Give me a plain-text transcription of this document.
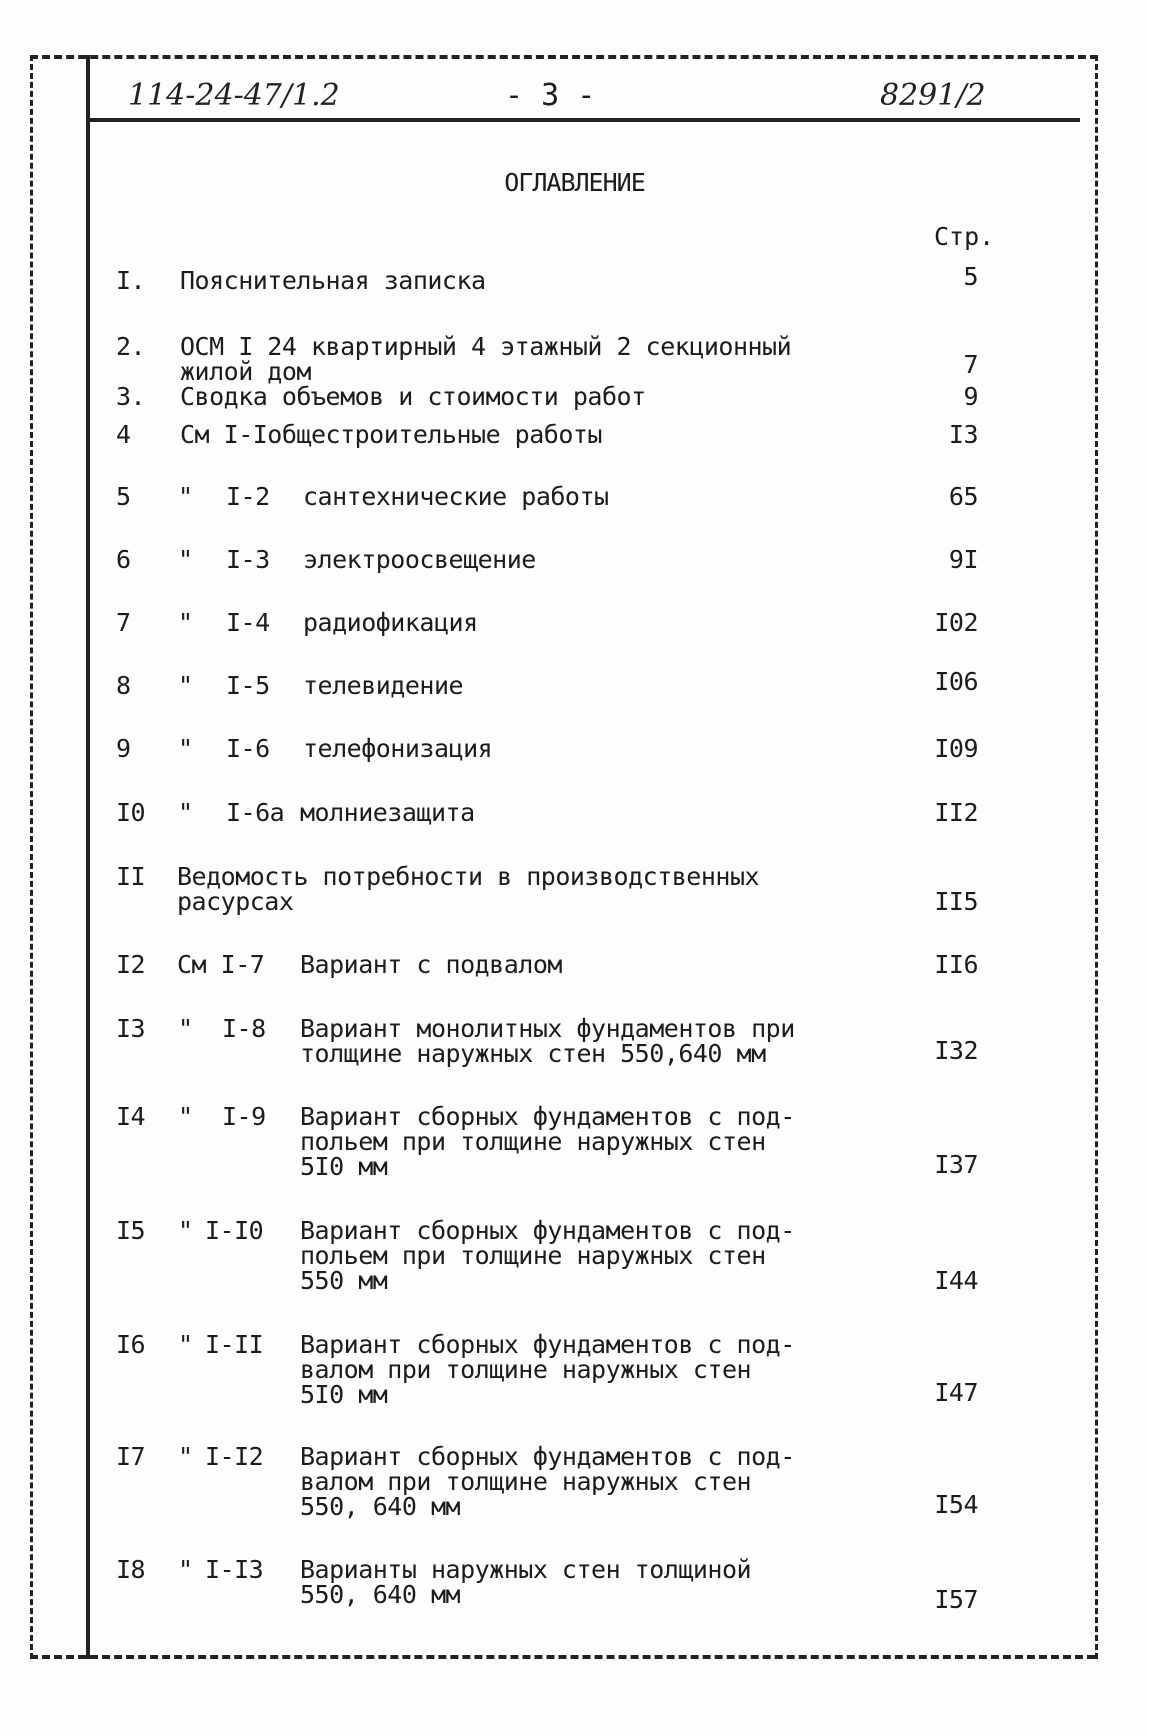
114-24-47/1.2	- 3 -	8291/2
ОГЛАВЛЕНИЕ
Стр.
I.	Пояснительная записка	5
2.	ОСМ I 24 квартирный 4 этажный 2 секционный
жилой дом	7
3.	Сводка объемов и стоимости работ	9
4	См I-Iобщестроительные работы	I3
5	" I-2 сантехнические работы	65
6	" I-3 электроосвещение	9I
7	" I-4 радиофикация	I02
8	" I-5 телевидение	I06
9	" I-6 телефонизация	I09
I0	" I-6а молниезащита	II2
II	Ведомость потребности в производственных
расурсах	II5
I2	См I-7 Вариант с подвалом	II6
I3	" I-8 Вариант монолитных фундаментов при
толщине наружных стен 550,640 мм	I32
I4	" I-9 Вариант сборных фундаментов с под-
польем при толщине наружных стен
5I0 мм	I37
I5	" I-I0 Вариант сборных фундаментов с под-
польем при толщине наружных стен
550 мм	I44
I6	" I-II Вариант сборных фундаментов с под-
валом при толщине наружных стен
5I0 мм	I47
I7	" I-I2 Вариант сборных фундаментов с под-
валом при толщине наружных стен
550, 640 мм	I54
I8	" I-I3 Варианты наружных стен толщиной
550, 640 мм	I57
